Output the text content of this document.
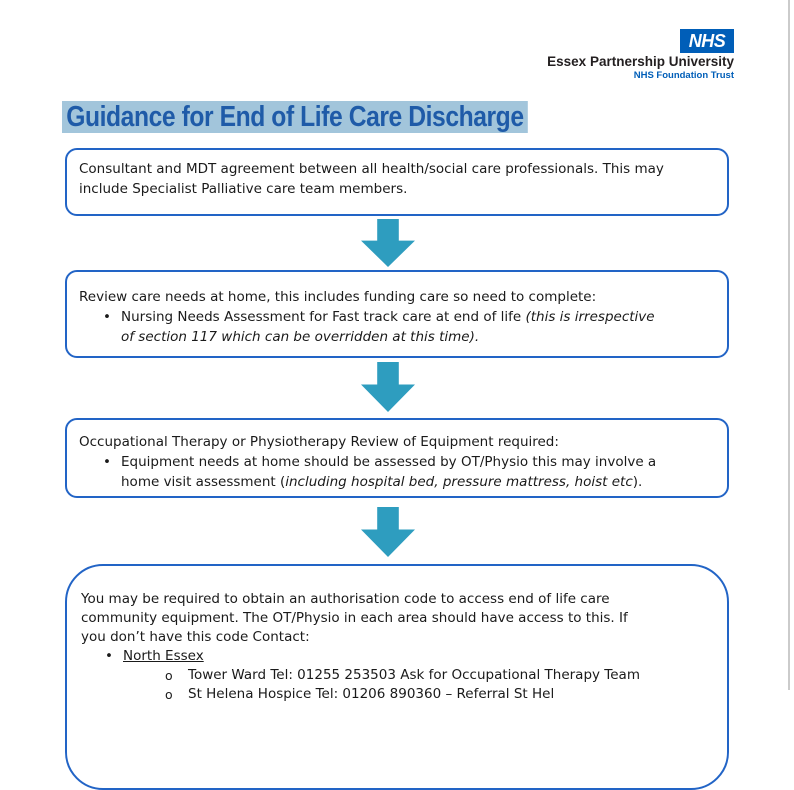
NHS
Essex Partnership University
NHS Foundation Trust
Guidance for End of Life Care Discharge
Consultant and MDT agreement between all health/social care professionals. This may
include Specialist Palliative care team members.
Review care needs at home, this includes funding care so need to complete:
• Nursing Needs Assessment for Fast track care at end of life (this is irrespective
of section 117 which can be overridden at this time).
Occupational Therapy or Physiotherapy Review of Equipment required:
• Equipment needs at home should be assessed by OT/Physio this may involve a
home visit assessment (including hospital bed, pressure mattress, hoist etc).
You may be required to obtain an authorisation code to access end of life care
community equipment. The OT/Physio in each area should have access to this. If
you don’t have this code Contact:
• North Essex
o Tower Ward Tel: 01255 253503 Ask for Occupational Therapy Team
o St Helena Hospice Tel: 01206 890360 – Referral St Hel
